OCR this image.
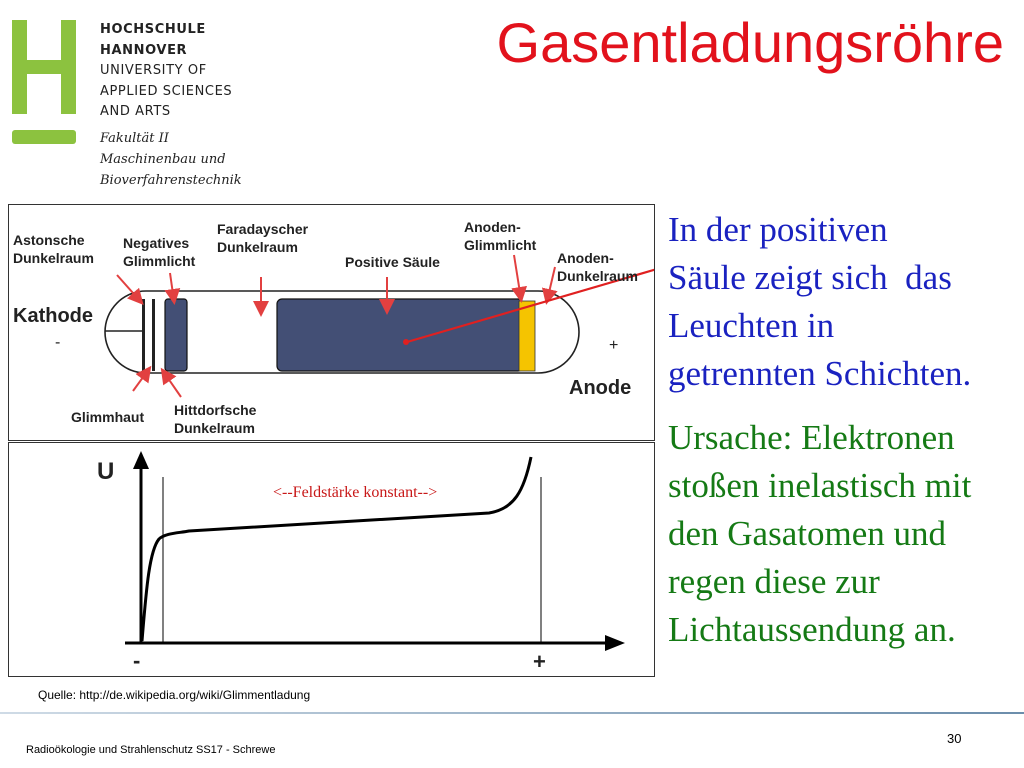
HOCHSCHULE
HANNOVER
UNIVERSITY OF
APPLIED SCIENCES
AND ARTS
Fakultät II
Maschinenbau und
Bioverfahrenstechnik
Gasentladungsröhre
Astonsche
Dunkelraum
Negatives
Glimmlicht
Faradayscher
Dunkelraum
Positive Säule
Anoden-
Glimmlicht
Anoden-
Dunkelraum
Kathode
-	+
Anode
Glimmhaut Hittdorfsche
Dunkelraum
U
-	+
<--Feldstärke konstant-->
In der positiven
Säule zeigt sich  das
Leuchten in
getrennten Schichten.
Ursache: Elektronen
stoßen inelastisch mit
den Gasatomen und
regen diese zur
Lichtaussendung an.
Quelle: http://de.wikipedia.org/wiki/Glimmentladung
Radioökologie und Strahlenschutz SS17 - Schrewe
30
